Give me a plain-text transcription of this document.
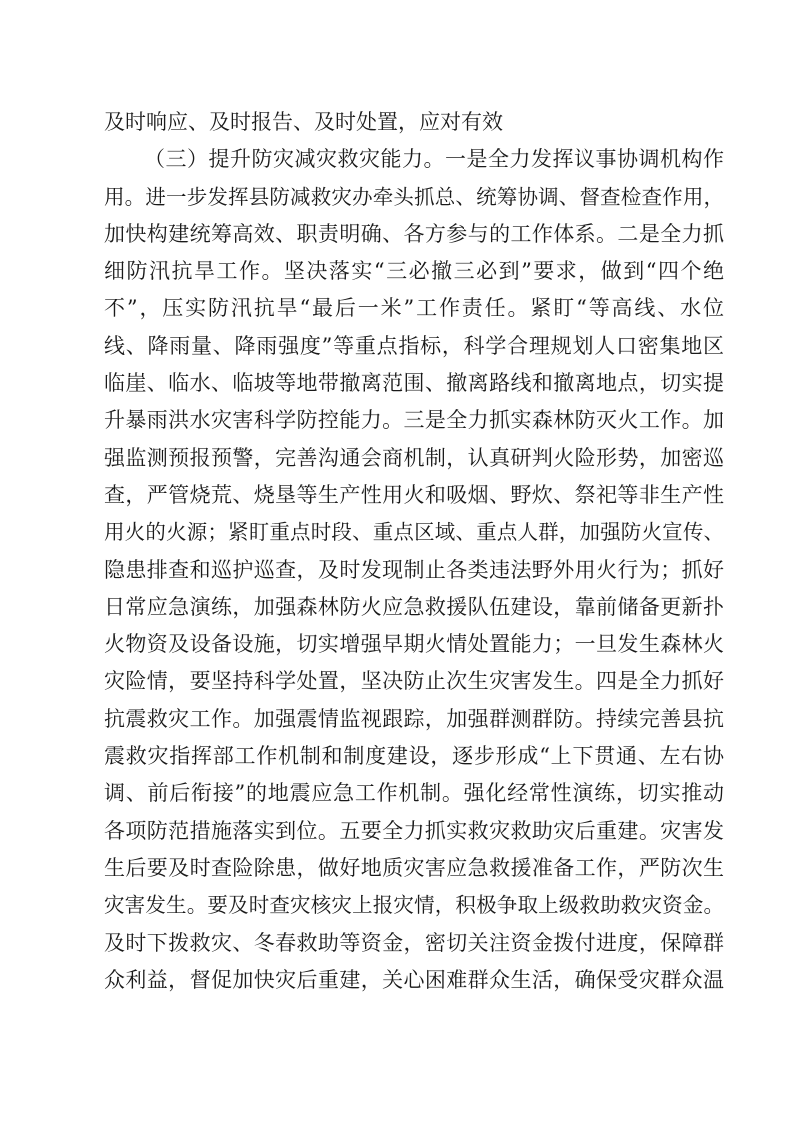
及时响应、及时报告、及时处置，应对有效
（三）提升防灾减灾救灾能力。一是全力发挥议事协调机构作
用。进一步发挥县防减救灾办牵头抓总、统筹协调、督查检查作用，
加快构建统筹高效、职责明确、各方参与的工作体系。二是全力抓
细防汛抗旱工作。坚决落实“三必撤三必到”要求，做到“四个绝
不”，压实防汛抗旱“最后一米”工作责任。紧盯“等高线、水位
线、降雨量、降雨强度”等重点指标，科学合理规划人口密集地区
临崖、临水、临坡等地带撤离范围、撤离路线和撤离地点，切实提
升暴雨洪水灾害科学防控能力。三是全力抓实森林防灭火工作。加
强监测预报预警，完善沟通会商机制，认真研判火险形势，加密巡
查，严管烧荒、烧垦等生产性用火和吸烟、野炊、祭祀等非生产性
用火的火源；紧盯重点时段、重点区域、重点人群，加强防火宣传、
隐患排查和巡护巡查，及时发现制止各类违法野外用火行为；抓好
日常应急演练，加强森林防火应急救援队伍建设，靠前储备更新扑
火物资及设备设施，切实增强早期火情处置能力；一旦发生森林火
灾险情，要坚持科学处置，坚决防止次生灾害发生。四是全力抓好
抗震救灾工作。加强震情监视跟踪，加强群测群防。持续完善县抗
震救灾指挥部工作机制和制度建设，逐步形成“上下贯通、左右协
调、前后衔接”的地震应急工作机制。强化经常性演练，切实推动
各项防范措施落实到位。五要全力抓实救灾救助灾后重建。灾害发
生后要及时查险除患，做好地质灾害应急救援准备工作，严防次生
灾害发生。要及时查灾核灾上报灾情，积极争取上级救助救灾资金。
及时下拨救灾、冬春救助等资金，密切关注资金拨付进度，保障群
众利益，督促加快灾后重建，关心困难群众生活，确保受灾群众温
